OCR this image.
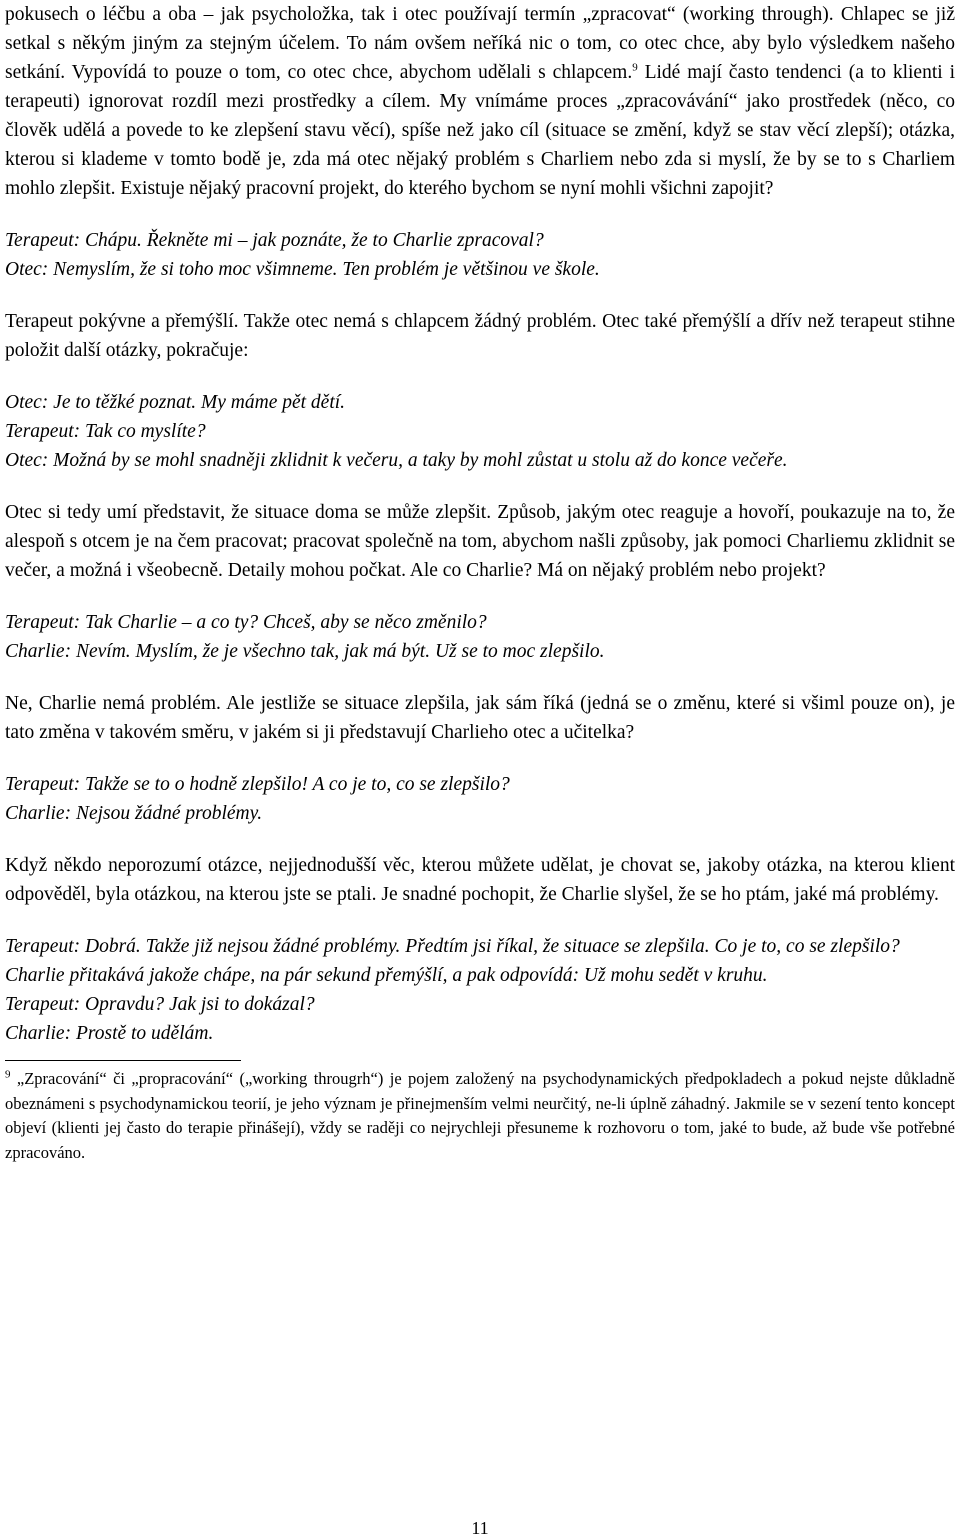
pokusech o léčbu a oba – jak psycholožka, tak i otec používají termín „zpracovat“ (working through). Chlapec se již setkal s někým jiným za stejným účelem. To nám ovšem neříká nic o tom, co otec chce, aby bylo výsledkem našeho setkání. Vypovídá to pouze o tom, co otec chce, abychom udělali s chlapcem.$^9$ Lidé mají často tendenci (a to klienti i terapeuti) ignorovat rozdíl mezi prostředky a cílem. My vnímáme proces „zpracovávání“ jako prostředek (něco, co člověk udělá a povede to ke zlepšení stavu věcí), spíše než jako cíl (situace se změní, když se stav věcí zlepší); otázka, kterou si klademe v tomto bodě je, zda má otec nějaký problém s Charliem nebo zda si myslí, že by se to s Charliem mohlo zlepšit. Existuje nějaký pracovní projekt, do kterého bychom se nyní mohli všichni zapojit?

Terapeut: Chápu. Řekněte mi – jak poznáte, že to Charlie zpracoval?

Otec: Nemyslím, že si toho moc všimneme. Ten problém je většinou ve škole.

Terapeut pokývne a přemýšlí. Takže otec nemá s chlapcem žádný problém. Otec také přemýšlí a dřív než terapeut stihne položit další otázky, pokračuje:

Otec: Je to těžké poznat. My máme pět dětí.

Terapeut: Tak co myslíte?

Otec: Možná by se mohl snadněji zklidnit k večeru, a taky by mohl zůstat u stolu až do konce večeře.

Otec si tedy umí představit, že situace doma se může zlepšit. Způsob, jakým otec reaguje a hovoří, poukazuje na to, že alespoň s otcem je na čem pracovat; pracovat společně na tom, abychom našli způsoby, jak pomoci Charliemu zklidnit se večer, a možná i všeobecně. Detaily mohou počkat. Ale co Charlie? Má on nějaký problém nebo projekt?

Terapeut: Tak Charlie – a co ty? Chceš, aby se něco změnilo?

Charlie: Nevím. Myslím, že je všechno tak, jak má být. Už se to moc zlepšilo.

Ne, Charlie nemá problém. Ale jestliže se situace zlepšila, jak sám říká (jedná se o změnu, které si všiml pouze on), je tato změna v takovém směru, v jakém si ji představují Charlieho otec a učitelka?

Terapeut: Takže se to o hodně zlepšilo! A co je to, co se zlepšilo?

Charlie: Nejsou žádné problémy.

Když někdo neporozumí otázce, nejjednodušší věc, kterou můžete udělat, je chovat se, jakoby otázka, na kterou klient odpověděl, byla otázkou, na kterou jste se ptali. Je snadné pochopit, že Charlie slyšel, že se ho ptám, jaké má problémy.

Terapeut: Dobrá. Takže již nejsou žádné problémy. Předtím jsi říkal, že situace se zlepšila. Co je to, co se zlepšilo?

Charlie přitakává jakože chápe, na pár sekund přemýšlí, a pak odpovídá: Už mohu sedět v kruhu.

Terapeut: Opravdu? Jak jsi to dokázal?

Charlie: Prostě to udělám.

$^9$ „Zpracování“ či „propracování“ („working througrh“) je pojem založený na psychodynamických předpokladech a pokud nejste důkladně obeznámeni s psychodynamickou teorií, je jeho význam je přinejmenším velmi neurčitý, ne-li úplně záhadný. Jakmile se v sezení tento koncept objeví (klienti jej často do terapie přinášejí), vždy se raději co nejrychleji přesuneme k rozhovoru o tom, jaké to bude, až bude vše potřebné zpracováno.

11
